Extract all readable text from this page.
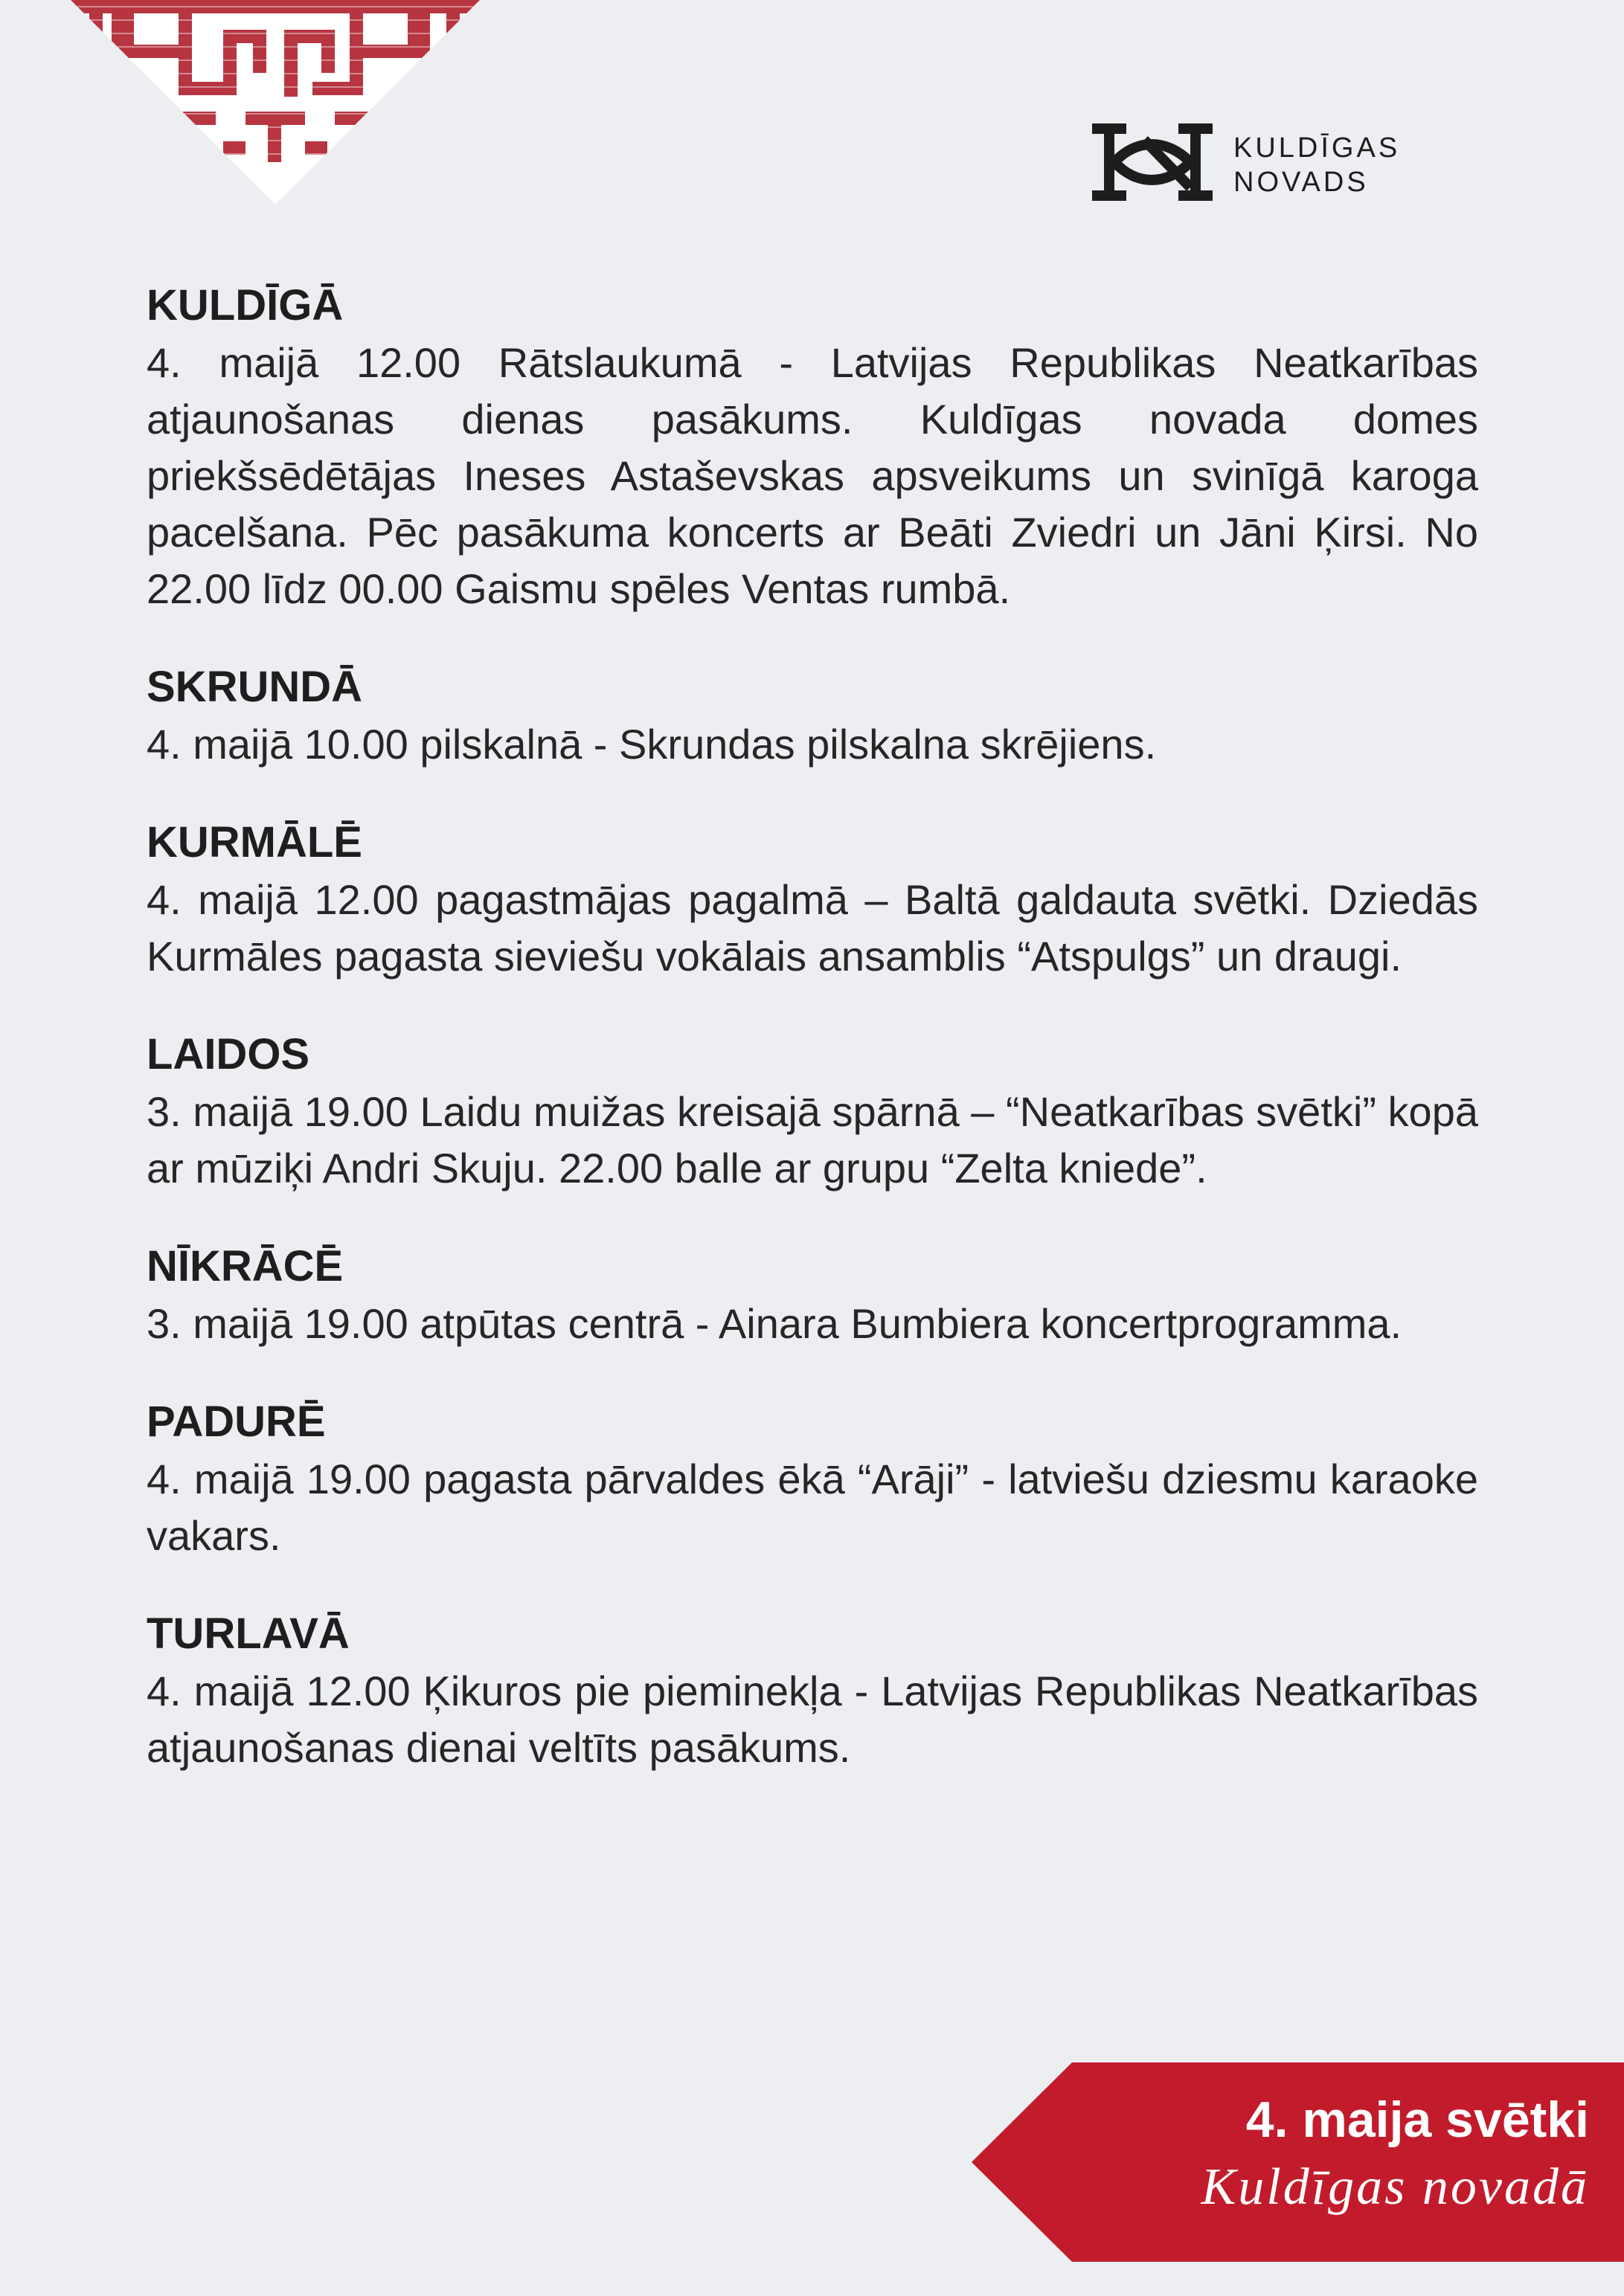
KULDĪGAS
NOVADS
KULDĪGĀ
4. maijā 12.00 Rātslaukumā - Latvijas Republikas Neatkarības atjaunošanas dienas pasākums. Kuldīgas novada domes priekšsēdētājas Ineses Astaševskas apsveikums un svinīgā karoga pacelšana. Pēc pasākuma koncerts ar Beāti Zviedri un Jāni Ķirsi. No 22.00 līdz 00.00 Gaismu spēles Ventas rumbā.
SKRUNDĀ
4. maijā 10.00 pilskalnā - Skrundas pilskalna skrējiens.
KURMĀLĒ
4. maijā 12.00 pagastmājas pagalmā – Baltā galdauta svētki. Dziedās Kurmāles pagasta sieviešu vokālais ansamblis “Atspulgs” un draugi.
LAIDOS
3. maijā 19.00 Laidu muižas kreisajā spārnā – “Neatkarības svētki” kopā ar mūziķi Andri Skuju. 22.00 balle ar grupu “Zelta kniede”.
NĪKRĀCĒ
3. maijā 19.00 atpūtas centrā - Ainara Bumbiera koncertprogramma.
PADURĒ
4. maijā 19.00 pagasta pārvaldes ēkā “Arāji” - latviešu dziesmu karaoke vakars.
TURLAVĀ
4. maijā 12.00 Ķikuros pie pieminekļa - Latvijas Republikas Neatkarības atjaunošanas dienai veltīts pasākums.
4. maija svētki
Kuldīgas novadā
